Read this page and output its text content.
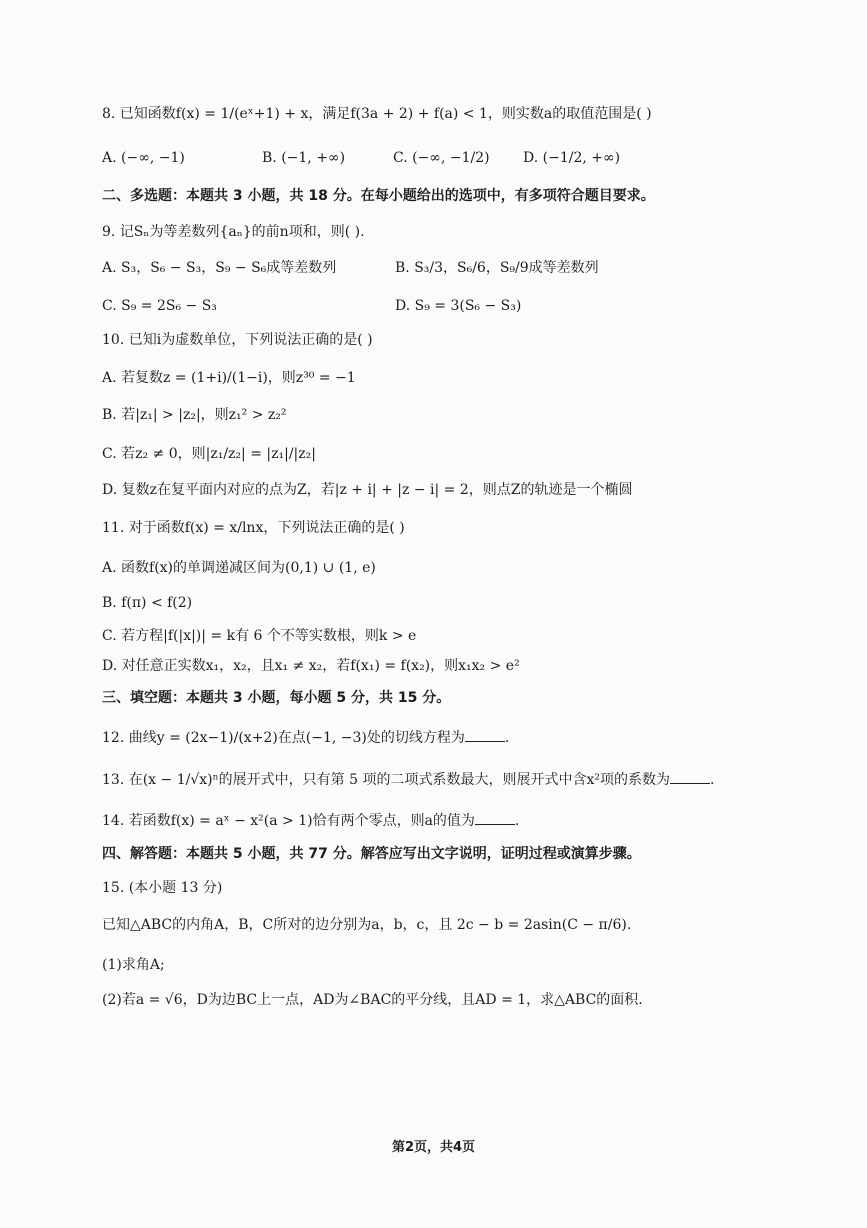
8. 已知函数f(x) = 1/(eˣ+1) + x，满足f(3a + 2) + f(a) < 1，则实数a的取值范围是( )
A. (−∞, −1)	B. (−1, +∞)	C. (−∞, −1/2) D. (−1/2, +∞)
二、多选题：本题共 3 小题，共 18 分。在每小题给出的选项中，有多项符合题目要求。
9. 记Sₙ为等差数列{aₙ}的前n项和，则( ).
A. S₃，S₆ − S₃，S₉ − S₆成等差数列	B. S₃/3，S₆/6，S₉/9成等差数列
C. S₉ = 2S₆ − S₃	D. S₉ = 3(S₆ − S₃)
10. 已知i为虚数单位，下列说法正确的是( )
A. 若复数z = (1+i)/(1−i)，则z³⁰ = −1
B. 若|z₁| > |z₂|，则z₁² > z₂²
C. 若z₂ ≠ 0，则|z₁/z₂| = |z₁|/|z₂|
D. 复数z在复平面内对应的点为Z，若|z + i| + |z − i| = 2，则点Z的轨迹是一个椭圆
11. 对于函数f(x) = x/lnx，下列说法正确的是( )
A. 函数f(x)的单调递减区间为(0,1) ∪ (1, e)
B. f(π) < f(2)
C. 若方程|f(|x|)| = k有 6 个不等实数根，则k > e
D. 对任意正实数x₁，x₂，且x₁ ≠ x₂，若f(x₁) = f(x₂)，则x₁x₂ > e²
三、填空题：本题共 3 小题，每小题 5 分，共 15 分。
12. 曲线y = (2x−1)/(x+2)在点(−1, −3)处的切线方程为	.
13. 在(x − 1/√x)ⁿ的展开式中，只有第 5 项的二项式系数最大，则展开式中含x²项的系数为	.
14. 若函数f(x) = aˣ − x²(a > 1)恰有两个零点，则a的值为	.
四、解答题：本题共 5 小题，共 77 分。解答应写出文字说明，证明过程或演算步骤。
15. (本小题 13 分)
已知△ABC的内角A，B，C所对的边分别为a，b，c，且 2c − b = 2asin(C − π/6).
(1)求角A;
(2)若a = √6，D为边BC上一点，AD为∠BAC的平分线，且AD = 1，求△ABC的面积.
第2页，共4页
